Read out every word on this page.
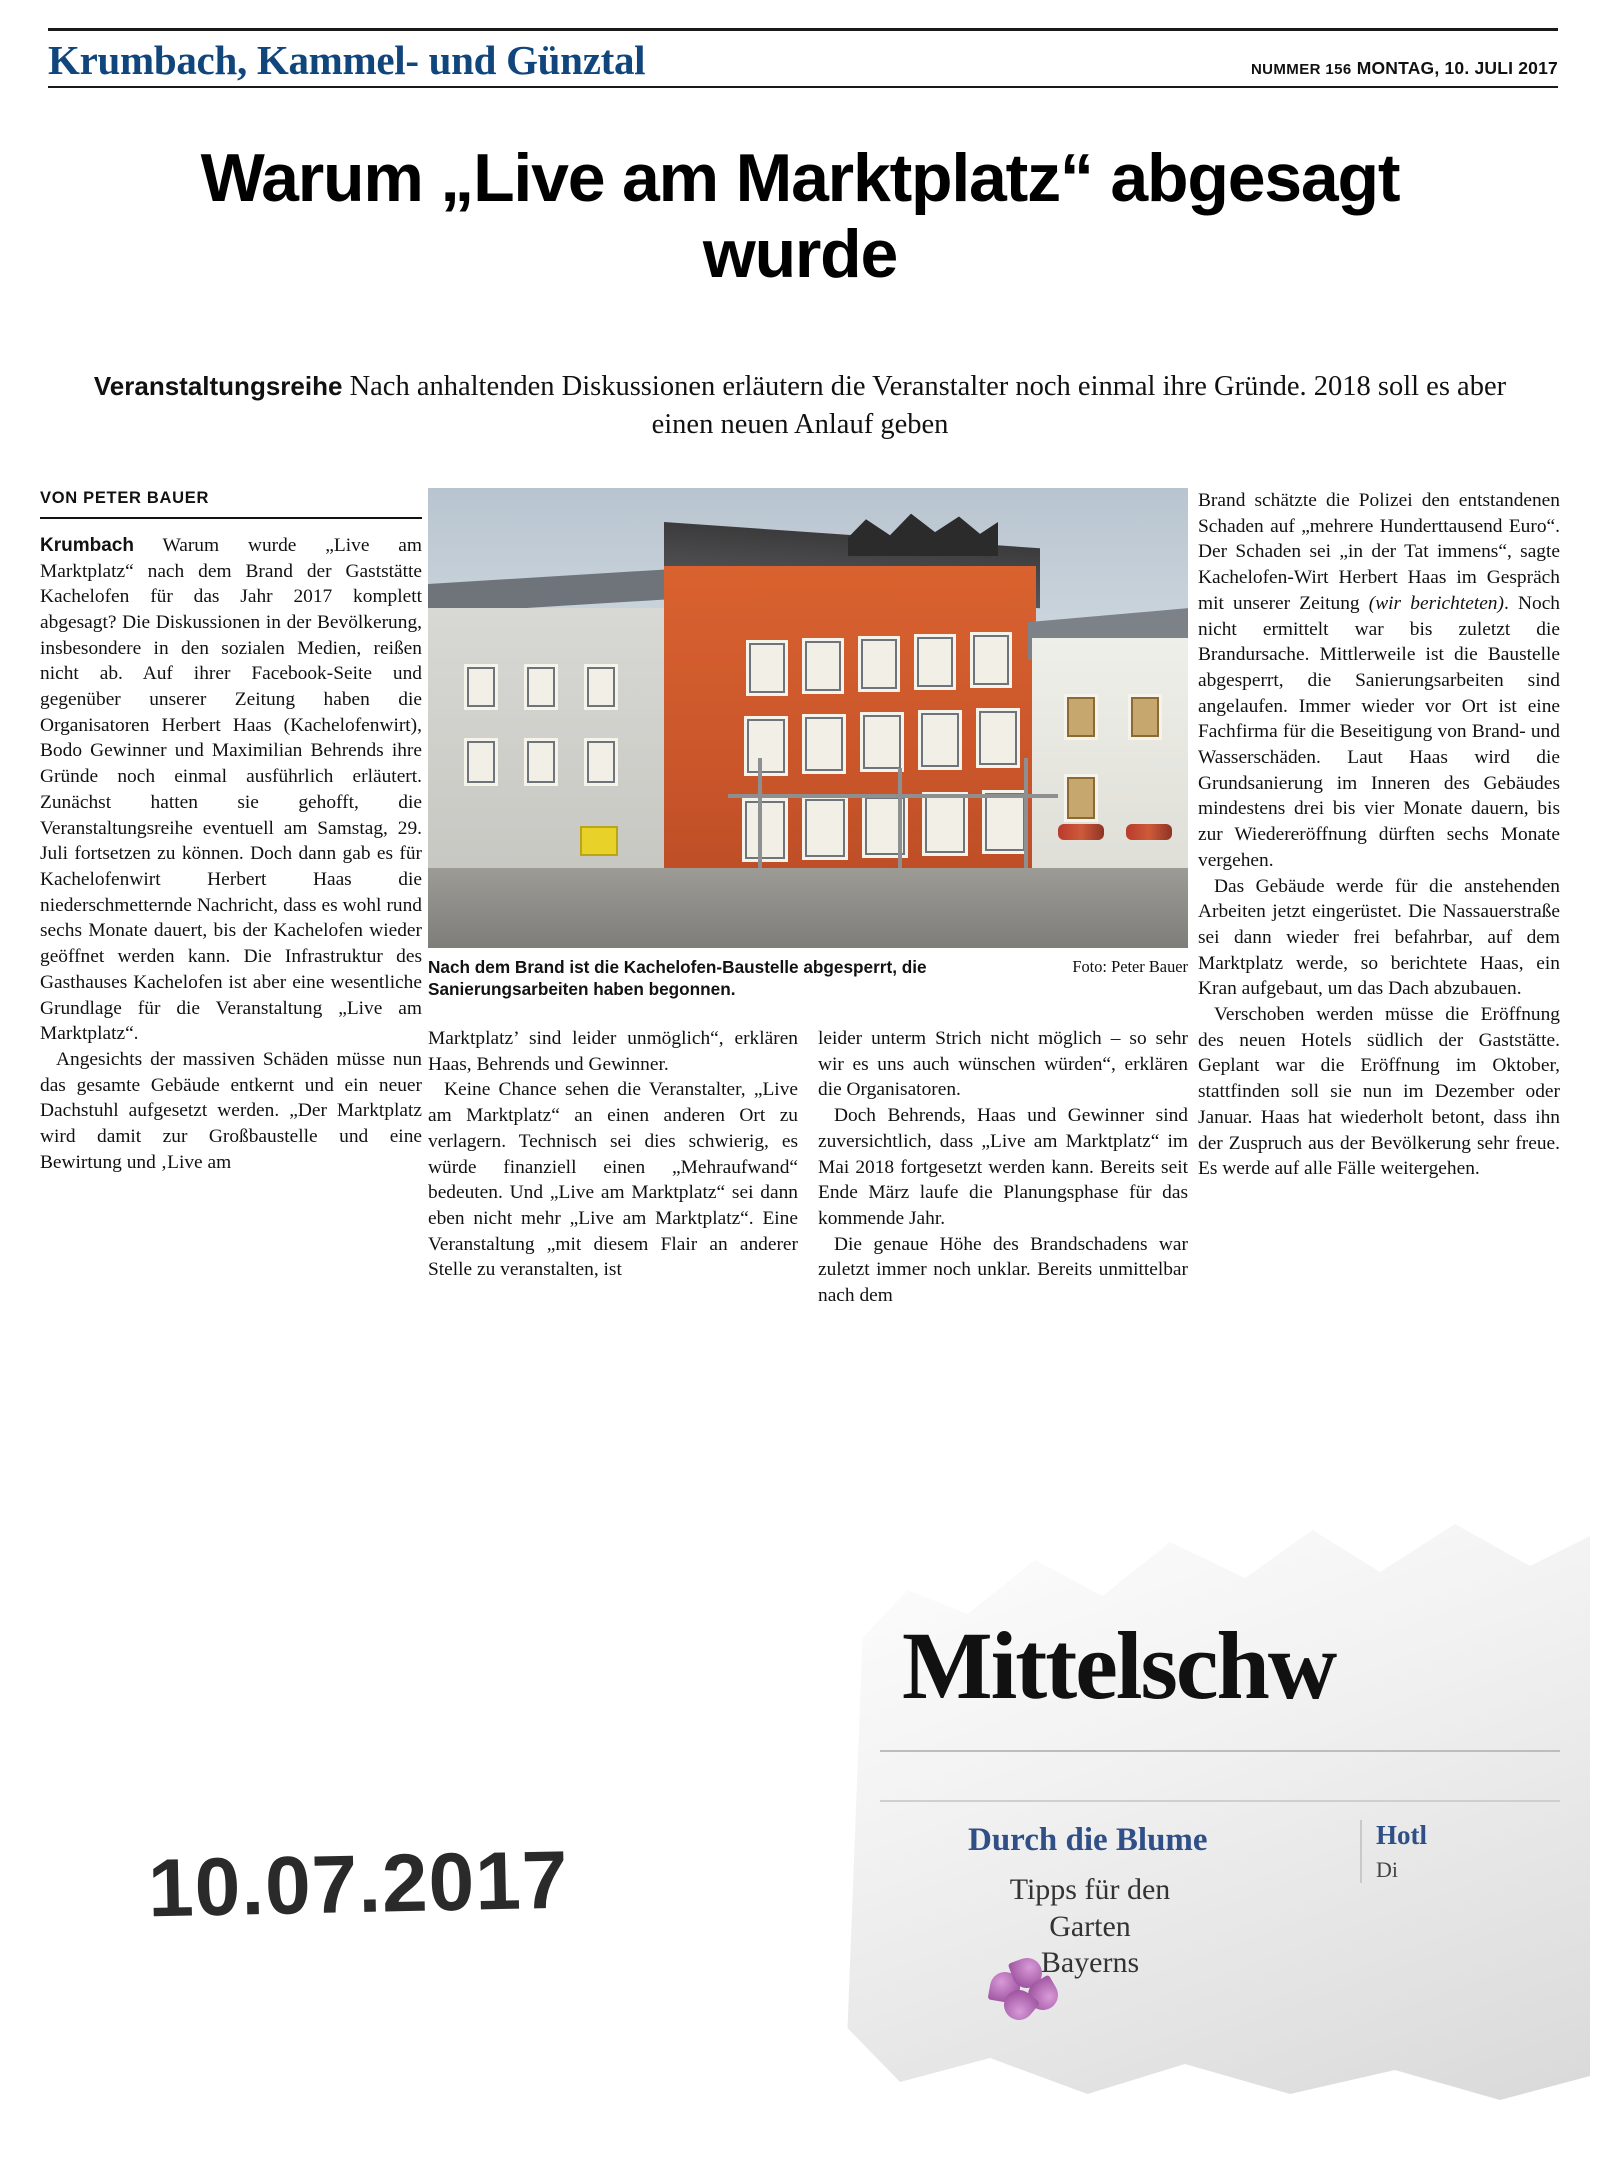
Krumbach, Kammel- und Günztal	NUMMER 156 MONTAG, 10. JULI 2017
Warum „Live am Marktplatz“ abgesagt wurde
Veranstaltungsreihe Nach anhaltenden Diskussionen erläutern die Veranstalter noch einmal ihre Gründe. 2018 soll es aber einen neuen Anlauf geben
VON PETER BAUER

Krumbach Warum wurde „Live am Marktplatz“ nach dem Brand der Gaststätte Kachelofen für das Jahr 2017 komplett abgesagt? Die Diskussionen in der Bevölkerung, insbesondere in den sozialen Medien, reißen nicht ab. Auf ihrer Facebook-Seite und gegenüber unserer Zeitung haben die Organisatoren Herbert Haas (Kachelofenwirt), Bodo Gewinner und Maximilian Behrends ihre Gründe noch einmal ausführlich erläutert. Zunächst hatten sie gehofft, die Veranstaltungsreihe eventuell am Samstag, 29. Juli fortsetzen zu können. Doch dann gab es für Kachelofenwirt Herbert Haas die niederschmetternde Nachricht, dass es wohl rund sechs Monate dauert, bis der Kachelofen wieder geöffnet werden kann. Die Infrastruktur des Gasthauses Kachelofen ist aber eine wesentliche Grundlage für die Veranstaltung „Live am Marktplatz“.

Angesichts der massiven Schäden müsse nun das gesamte Gebäude entkernt und ein neuer Dachstuhl aufgesetzt werden. „Der Marktplatz wird damit zur Großbaustelle und eine Bewirtung und ‚Live am

Foto: Peter Bauer
Nach dem Brand ist die Kachelofen-Baustelle abgesperrt, die Sanierungsarbeiten haben begonnen.

Marktplatz’ sind leider unmöglich“, erklären Haas, Behrends und Gewinner.

Keine Chance sehen die Veranstalter, „Live am Marktplatz“ an einen anderen Ort zu verlagern. Technisch sei dies schwierig, es würde finanziell einen „Mehraufwand“ bedeuten. Und „Live am Marktplatz“ sei dann eben nicht mehr „Live am Marktplatz“. Eine Veranstaltung „mit diesem Flair an anderer Stelle zu veranstalten, ist

leider unterm Strich nicht möglich – so sehr wir es uns auch wünschen würden“, erklären die Organisatoren.

Doch Behrends, Haas und Gewinner sind zuversichtlich, dass „Live am Marktplatz“ im Mai 2018 fortgesetzt werden kann. Bereits seit Ende März laufe die Planungsphase für das kommende Jahr.

Die genaue Höhe des Brandschadens war zuletzt immer noch unklar. Bereits unmittelbar nach dem

Brand schätzte die Polizei den entstandenen Schaden auf „mehrere Hunderttausend Euro“. Der Schaden sei „in der Tat immens“, sagte Kachelofen-Wirt Herbert Haas im Gespräch mit unserer Zeitung (wir berichteten). Noch nicht ermittelt war bis zuletzt die Brandursache. Mittlerweile ist die Baustelle abgesperrt, die Sanierungsarbeiten sind angelaufen. Immer wieder vor Ort ist eine Fachfirma für die Beseitigung von Brand- und Wasserschäden. Laut Haas wird die Grundsanierung im Inneren des Gebäudes mindestens drei bis vier Monate dauern, bis zur Wiedereröffnung dürften sechs Monate vergehen.

Das Gebäude werde für die anstehenden Arbeiten jetzt eingerüstet. Die Nassauerstraße sei dann wieder frei befahrbar, auf dem Marktplatz werde, so berichtete Haas, ein Kran aufgebaut, um das Dach abzubauen.

Verschoben werden müsse die Eröffnung des neuen Hotels südlich der Gaststätte. Geplant war die Eröffnung im Oktober, stattfinden soll sie nun im Dezember oder Januar. Haas hat wiederholt betont, dass ihn der Zuspruch aus der Bevölkerung sehr freue. Es werde auf alle Fälle weitergehen.

Mittelschw
Durch die Blume
Tipps für den Garten
Bayerns
Hotl
Di
10.07.2017
